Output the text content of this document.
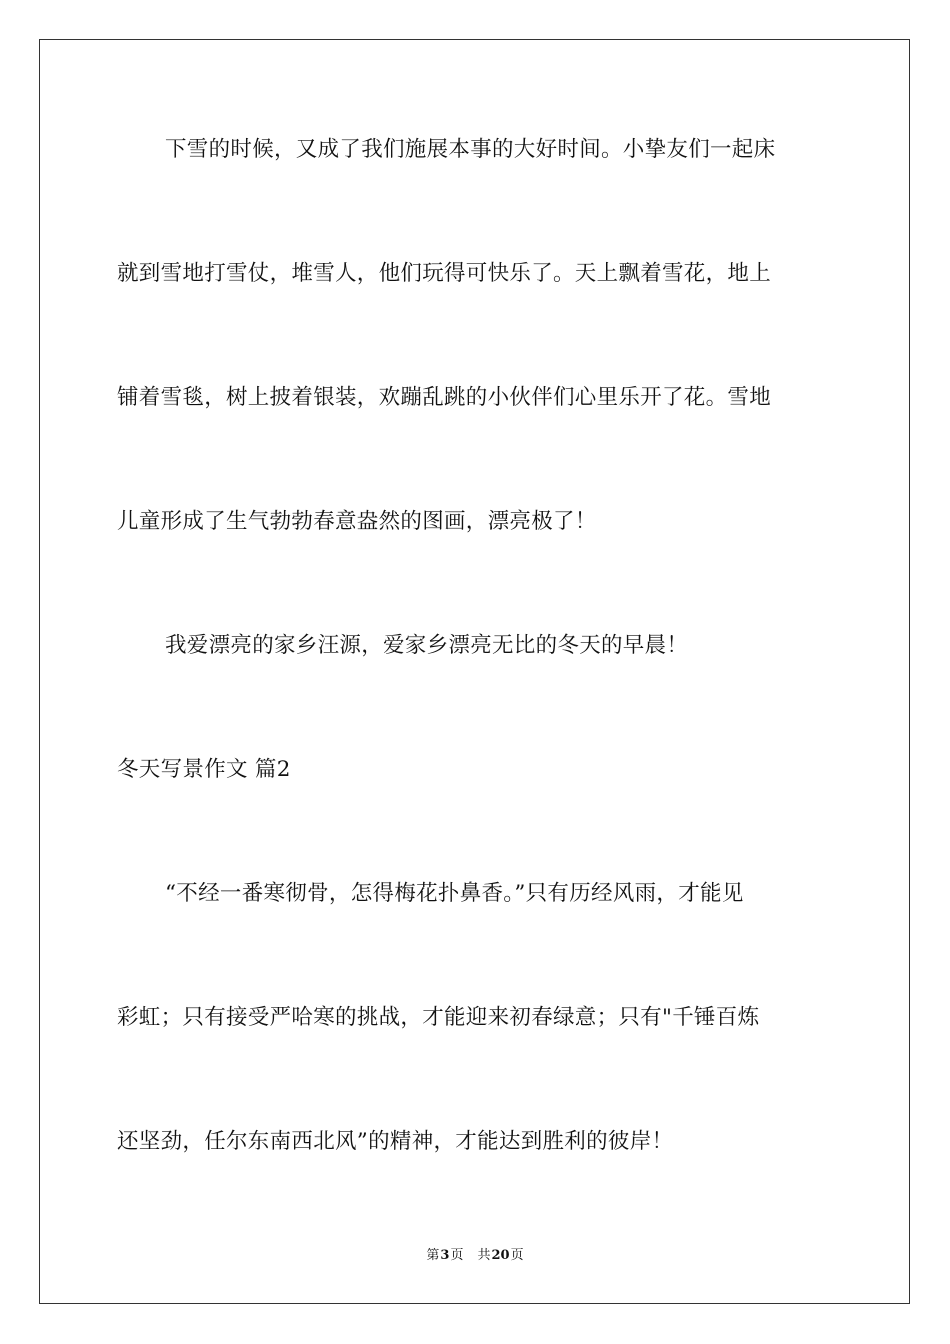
下雪的时候，又成了我们施展本事的大好时间。小挚友们一起床
就到雪地打雪仗，堆雪人，他们玩得可快乐了。天上飘着雪花，地上
铺着雪毯，树上披着银装，欢蹦乱跳的小伙伴们心里乐开了花。雪地
儿童形成了生气勃勃春意盎然的图画，漂亮极了！
我爱漂亮的家乡汪源，爱家乡漂亮无比的冬天的早晨！
冬天写景作文 篇2
“不经一番寒彻骨，怎得梅花扑鼻香。”只有历经风雨，才能见
彩虹；只有接受严哈寒的挑战，才能迎来初春绿意；只有"千锤百炼
还坚劲，任尔东南西北风”的精神，才能达到胜利的彼岸！
第3页 共20页
